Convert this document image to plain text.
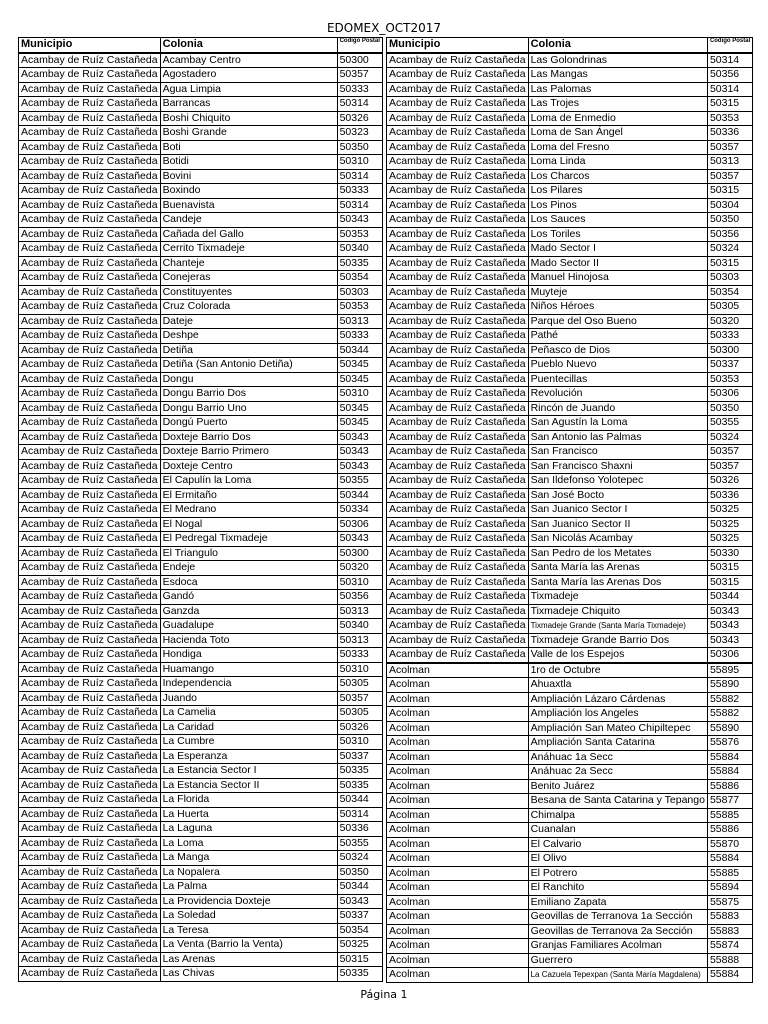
EDOMEX_OCT2017
Municipio	Colonia	Codigo Postal
Acambay de Ruíz Castañeda	Acambay Centro	50300
Acambay de Ruíz Castañeda	Agostadero	50357
Acambay de Ruíz Castañeda	Agua Limpia	50333
Acambay de Ruíz Castañeda	Barrancas	50314
Acambay de Ruíz Castañeda	Boshi Chiquito	50326
Acambay de Ruíz Castañeda	Boshi Grande	50323
Acambay de Ruíz Castañeda	Boti	50350
Acambay de Ruíz Castañeda	Botidi	50310
Acambay de Ruíz Castañeda	Bovini	50314
Acambay de Ruíz Castañeda	Boxindo	50333
Acambay de Ruíz Castañeda	Buenavista	50314
Acambay de Ruíz Castañeda	Candeje	50343
Acambay de Ruíz Castañeda	Cañada del Gallo	50353
Acambay de Ruíz Castañeda	Cerrito Tixmadeje	50340
Acambay de Ruíz Castañeda	Chanteje	50335
Acambay de Ruíz Castañeda	Conejeras	50354
Acambay de Ruíz Castañeda	Constituyentes	50303
Acambay de Ruíz Castañeda	Cruz Colorada	50353
Acambay de Ruíz Castañeda	Dateje	50313
Acambay de Ruíz Castañeda	Deshpe	50333
Acambay de Ruíz Castañeda	Detiña	50344
Acambay de Ruíz Castañeda	Detiña (San Antonio Detiña)	50345
Acambay de Ruíz Castañeda	Dongu	50345
Acambay de Ruíz Castañeda	Dongu Barrio Dos	50310
Acambay de Ruíz Castañeda	Dongu Barrio Uno	50345
Acambay de Ruíz Castañeda	Dongú Puerto	50345
Acambay de Ruíz Castañeda	Doxteje Barrio Dos	50343
Acambay de Ruíz Castañeda	Doxteje Barrio Primero	50343
Acambay de Ruíz Castañeda	Doxteje Centro	50343
Acambay de Ruíz Castañeda	El Capulín la Loma	50355
Acambay de Ruíz Castañeda	El Ermitaño	50344
Acambay de Ruíz Castañeda	El Medrano	50334
Acambay de Ruíz Castañeda	El Nogal	50306
Acambay de Ruíz Castañeda	El Pedregal Tixmadeje	50343
Acambay de Ruíz Castañeda	El Triangulo	50300
Acambay de Ruíz Castañeda	Endeje	50320
Acambay de Ruíz Castañeda	Esdoca	50310
Acambay de Ruíz Castañeda	Gandó	50356
Acambay de Ruíz Castañeda	Ganzda	50313
Acambay de Ruíz Castañeda	Guadalupe	50340
Acambay de Ruíz Castañeda	Hacienda Toto	50313
Acambay de Ruíz Castañeda	Hondiga	50333
Acambay de Ruíz Castañeda	Huamango	50310
Acambay de Ruíz Castañeda	Independencia	50305
Acambay de Ruíz Castañeda	Juando	50357
Acambay de Ruíz Castañeda	La Camelia	50305
Acambay de Ruíz Castañeda	La Caridad	50326
Acambay de Ruíz Castañeda	La Cumbre	50310
Acambay de Ruíz Castañeda	La Esperanza	50337
Acambay de Ruíz Castañeda	La Estancia Sector I	50335
Acambay de Ruíz Castañeda	La Estancia Sector II	50335
Acambay de Ruíz Castañeda	La Florida	50344
Acambay de Ruíz Castañeda	La Huerta	50314
Acambay de Ruíz Castañeda	La Laguna	50336
Acambay de Ruíz Castañeda	La Loma	50355
Acambay de Ruíz Castañeda	La Manga	50324
Acambay de Ruíz Castañeda	La Nopalera	50350
Acambay de Ruíz Castañeda	La Palma	50344
Acambay de Ruíz Castañeda	La Providencia Doxteje	50343
Acambay de Ruíz Castañeda	La Soledad	50337
Acambay de Ruíz Castañeda	La Teresa	50354
Acambay de Ruíz Castañeda	La Venta (Barrio la Venta)	50325
Acambay de Ruíz Castañeda	Las Arenas	50315
Acambay de Ruíz Castañeda	Las Chivas	50335
Municipio	Colonia	Codigo Postal
Acambay de Ruíz Castañeda	Las Golondrinas	50314
Acambay de Ruíz Castañeda	Las Mangas	50356
Acambay de Ruíz Castañeda	Las Palomas	50314
Acambay de Ruíz Castañeda	Las Trojes	50315
Acambay de Ruíz Castañeda	Loma de Enmedio	50353
Acambay de Ruíz Castañeda	Loma de San Ángel	50336
Acambay de Ruíz Castañeda	Loma del Fresno	50357
Acambay de Ruíz Castañeda	Loma Linda	50313
Acambay de Ruíz Castañeda	Los Charcos	50357
Acambay de Ruíz Castañeda	Los Pilares	50315
Acambay de Ruíz Castañeda	Los Pinos	50304
Acambay de Ruíz Castañeda	Los Sauces	50350
Acambay de Ruíz Castañeda	Los Toriles	50356
Acambay de Ruíz Castañeda	Mado Sector I	50324
Acambay de Ruíz Castañeda	Mado Sector II	50315
Acambay de Ruíz Castañeda	Manuel Hinojosa	50303
Acambay de Ruíz Castañeda	Muyteje	50354
Acambay de Ruíz Castañeda	Niños Héroes	50305
Acambay de Ruíz Castañeda	Parque del Oso Bueno	50320
Acambay de Ruíz Castañeda	Pathé	50333
Acambay de Ruíz Castañeda	Peñasco de Dios	50300
Acambay de Ruíz Castañeda	Pueblo Nuevo	50337
Acambay de Ruíz Castañeda	Puentecillas	50353
Acambay de Ruíz Castañeda	Revolución	50306
Acambay de Ruíz Castañeda	Rincón de Juando	50350
Acambay de Ruíz Castañeda	San Agustín la Loma	50355
Acambay de Ruíz Castañeda	San Antonio las Palmas	50324
Acambay de Ruíz Castañeda	San Francisco	50357
Acambay de Ruíz Castañeda	San Francisco Shaxni	50357
Acambay de Ruíz Castañeda	San Ildefonso Yolotepec	50326
Acambay de Ruíz Castañeda	San José Bocto	50336
Acambay de Ruíz Castañeda	San Juanico Sector I	50325
Acambay de Ruíz Castañeda	San Juanico Sector II	50325
Acambay de Ruíz Castañeda	San Nicolás Acambay	50325
Acambay de Ruíz Castañeda	San Pedro de los Metates	50330
Acambay de Ruíz Castañeda	Santa María las Arenas	50315
Acambay de Ruíz Castañeda	Santa María las Arenas Dos	50315
Acambay de Ruíz Castañeda	Tixmadeje	50344
Acambay de Ruíz Castañeda	Tixmadeje Chiquito	50343
Acambay de Ruíz Castañeda	Tixmadeje Grande (Santa María Tixmadeje)	50343
Acambay de Ruíz Castañeda	Tixmadeje Grande Barrio Dos	50343
Acambay de Ruíz Castañeda	Valle de los Espejos	50306
Acolman	1ro de Octubre	55895
Acolman	Ahuaxtla	55890
Acolman	Ampliación Lázaro Cárdenas	55882
Acolman	Ampliación los Angeles	55882
Acolman	Ampliación San Mateo Chipiltepec	55890
Acolman	Ampliación Santa Catarina	55876
Acolman	Anáhuac 1a Secc	55884
Acolman	Anáhuac 2a Secc	55884
Acolman	Benito Juárez	55886
Acolman	Besana de Santa Catarina y Tepango	55877
Acolman	Chimalpa	55885
Acolman	Cuanalan	55886
Acolman	El Calvario	55870
Acolman	El Olivo	55884
Acolman	El Potrero	55885
Acolman	El Ranchito	55894
Acolman	Emiliano Zapata	55875
Acolman	Geovillas de Terranova 1a Sección	55883
Acolman	Geovillas de Terranova 2a Sección	55883
Acolman	Granjas Familiares Acolman	55874
Acolman	Guerrero	55888
Acolman	La Cazuela Tepexpan (Santa María Magdalena)	55884
Página 1
